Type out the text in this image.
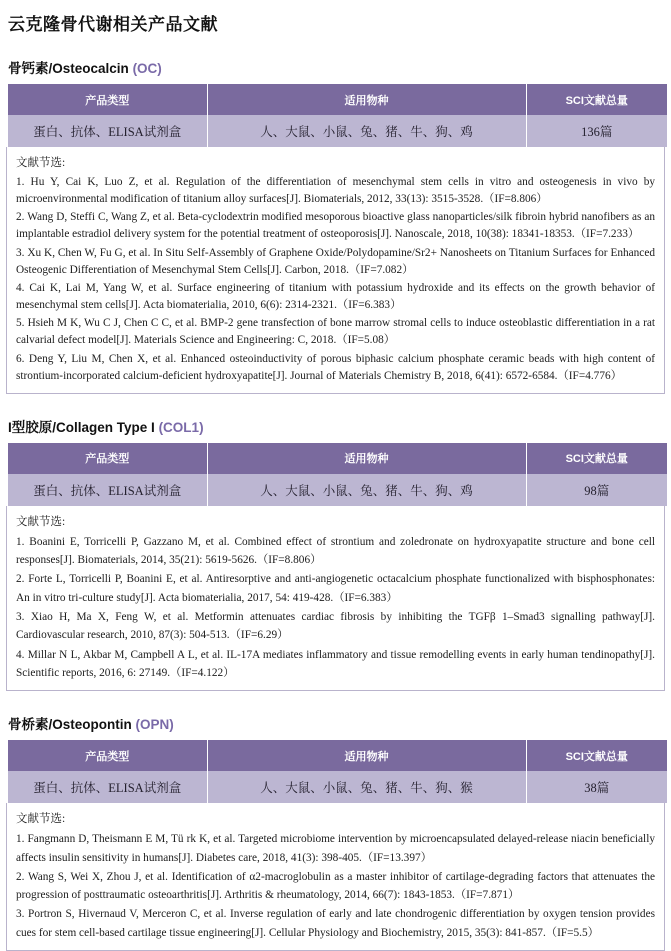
云克隆骨代谢相关产品文献
骨钙素/Osteocalcin (OC)
产品类型	适用物种	SCI文献总量
蛋白、抗体、ELISA试剂盒	人、大鼠、小鼠、兔、猪、牛、狗、鸡	136篇
文献节选:

1. Hu Y, Cai K, Luo Z, et al. Regulation of the differentiation of mesenchymal stem cells in vitro and osteogenesis in vivo by microenvironmental modification of titanium alloy surfaces[J]. Biomaterials, 2012, 33(13): 3515-3528.（IF=8.806）

2. Wang D, Steffi C, Wang Z, et al. Beta-cyclodextrin modified mesoporous bioactive glass nanoparticles/silk fibroin hybrid nanofibers as an implantable estradiol delivery system for the potential treatment of osteoporosis[J]. Nanoscale, 2018, 10(38): 18341-18353.（IF=7.233）

3. Xu K, Chen W, Fu G, et al. In Situ Self-Assembly of Graphene Oxide/Polydopamine/Sr2+ Nanosheets on Titanium Surfaces for Enhanced Osteogenic Differentiation of Mesenchymal Stem Cells[J]. Carbon, 2018.（IF=7.082）

4. Cai K, Lai M, Yang W, et al. Surface engineering of titanium with potassium hydroxide and its effects on the growth behavior of mesenchymal stem cells[J]. Acta biomaterialia, 2010, 6(6): 2314-2321.（IF=6.383）

5. Hsieh M K, Wu C J, Chen C C, et al. BMP-2 gene transfection of bone marrow stromal cells to induce osteoblastic differentiation in a rat calvarial defect model[J]. Materials Science and Engineering: C, 2018.（IF=5.08）

6. Deng Y, Liu M, Chen X, et al. Enhanced osteoinductivity of porous biphasic calcium phosphate ceramic beads with high content of strontium-incorporated calcium-deficient hydroxyapatite[J]. Journal of Materials Chemistry B, 2018, 6(41): 6572-6584.（IF=4.776）

I型胶原/Collagen Type I (COL1)
产品类型	适用物种	SCI文献总量
蛋白、抗体、ELISA试剂盒	人、大鼠、小鼠、兔、猪、牛、狗、鸡	98篇
文献节选:

1. Boanini E, Torricelli P, Gazzano M, et al. Combined effect of strontium and zoledronate on hydroxyapatite structure and bone cell responses[J]. Biomaterials, 2014, 35(21): 5619-5626.（IF=8.806）

2. Forte L, Torricelli P, Boanini E, et al. Antiresorptive and anti-angiogenetic octacalcium phosphate functionalized with bisphosphonates: An in vitro tri-culture study[J]. Acta biomaterialia, 2017, 54: 419-428.（IF=6.383）

3. Xiao H, Ma X, Feng W, et al. Metformin attenuates cardiac fibrosis by inhibiting the TGFβ 1–Smad3 signalling pathway[J]. Cardiovascular research, 2010, 87(3): 504-513.（IF=6.29）

4. Millar N L, Akbar M, Campbell A L, et al. IL-17A mediates inflammatory and tissue remodelling events in early human tendinopathy[J]. Scientific reports, 2016, 6: 27149.（IF=4.122）

骨桥素/Osteopontin (OPN)
产品类型	适用物种	SCI文献总量
蛋白、抗体、ELISA试剂盒	人、大鼠、小鼠、兔、猪、牛、狗、猴	38篇
文献节选:

1. Fangmann D, Theismann E M, Tü rk K, et al. Targeted microbiome intervention by microencapsulated delayed-release niacin beneficially affects insulin sensitivity in humans[J]. Diabetes care, 2018, 41(3): 398-405.（IF=13.397）

2. Wang S, Wei X, Zhou J, et al. Identification of α2-macroglobulin as a master inhibitor of cartilage-degrading factors that attenuates the progression of posttraumatic osteoarthritis[J]. Arthritis & rheumatology, 2014, 66(7): 1843-1853.（IF=7.871）

3. Portron S, Hivernaud V, Merceron C, et al. Inverse regulation of early and late chondrogenic differentiation by oxygen tension provides cues for stem cell-based cartilage tissue engineering[J]. Cellular Physiology and Biochemistry, 2015, 35(3): 841-857.（IF=5.5）
